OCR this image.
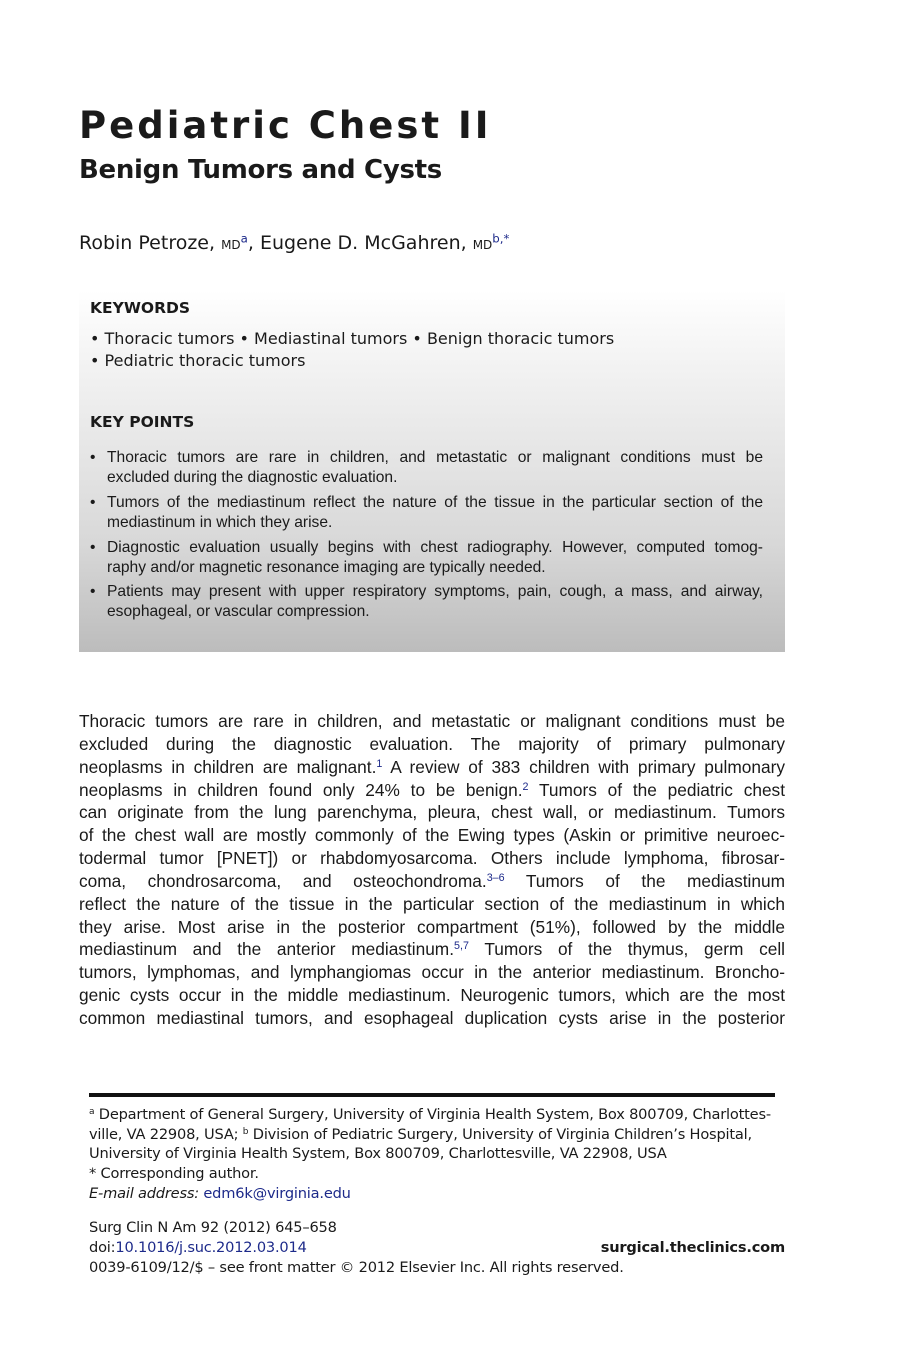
Pediatric Chest II
Benign Tumors and Cysts
Robin Petroze, $MD^a$, Eugene D. McGahren, $MD^{b,*}$
KEYWORDS
• Thoracic tumors • Mediastinal tumors • Benign thoracic tumors
• Pediatric thoracic tumors
KEY POINTS
• Thoracic tumors are rare in children, and metastatic or malignant conditions must be
excluded during the diagnostic evaluation.
• Tumors of the mediastinum reflect the nature of the tissue in the particular section of the
mediastinum in which they arise.
• Diagnostic evaluation usually begins with chest radiography. However, computed tomog-
raphy and/or magnetic resonance imaging are typically needed.
• Patients may present with upper respiratory symptoms, pain, cough, a mass, and airway,
esophageal, or vascular compression.
Thoracic tumors are rare in children, and metastatic or malignant conditions must be
excluded during the diagnostic evaluation. The majority of primary pulmonary
neoplasms in children are malignant.$^1$ A review of 383 children with primary pulmonary
neoplasms in children found only 24% to be benign.$^2$ Tumors of the pediatric chest
can originate from the lung parenchyma, pleura, chest wall, or mediastinum. Tumors
of the chest wall are mostly commonly of the Ewing types (Askin or primitive neuroec-
todermal tumor [PNET]) or rhabdomyosarcoma. Others include lymphoma, fibrosar-
coma, chondrosarcoma, and osteochondroma.$^{3-6}$ Tumors of the mediastinum
reflect the nature of the tissue in the particular section of the mediastinum in which
they arise. Most arise in the posterior compartment (51%), followed by the middle
mediastinum and the anterior mediastinum.$^{5,7}$ Tumors of the thymus, germ cell
tumors, lymphomas, and lymphangiomas occur in the anterior mediastinum. Broncho-
genic cysts occur in the middle mediastinum. Neurogenic tumors, which are the most
common mediastinal tumors, and esophageal duplication cysts arise in the posterior
$^a$ Department of General Surgery, University of Virginia Health System, Box 800709, Charlottes-ville, VA 22908, USA; $^b$ Division of Pediatric Surgery, University of Virginia Children’s Hospital, University of Virginia Health System, Box 800709, Charlottesville, VA 22908, USA
* Corresponding author.
E-mail address: edm6k@virginia.edu
Surg Clin N Am 92 (2012) 645–658
doi:10.1016/j.suc.2012.03.014	surgical.theclinics.com
0039-6109/12/$ – see front matter © 2012 Elsevier Inc. All rights reserved.
